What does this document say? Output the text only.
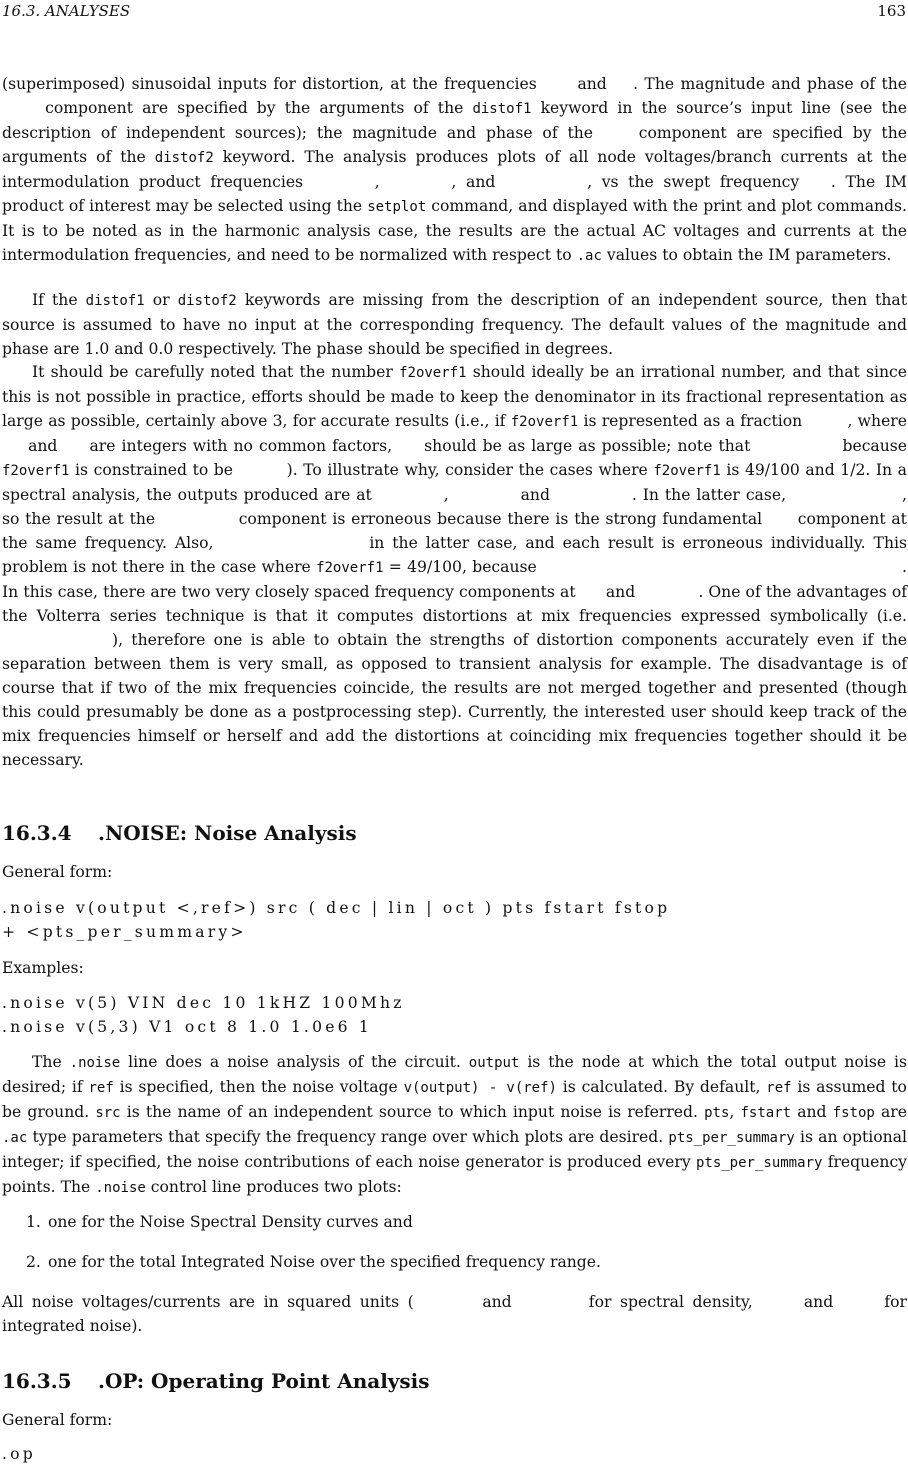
16.3. ANALYSES	163

(superimposed) sinusoidal inputs for distortion, at the frequencies	and . The magnitude and phase of the  component are specified by the arguments of the distof1 keyword in the source’s input line (see the description of independent sources); the magnitude and phase of the	component are specified by the arguments of the distof2 keyword. The analysis produces plots of all node voltages/branch currents at the intermodulation product frequencies	,	, and	, vs the swept frequency . The IM product of interest may be selected using the setplot command, and displayed with the print and plot commands. It is to be noted as in the harmonic analysis case, the results are the actual AC voltages and currents at the intermodulation frequencies, and need to be normalized with respect to .ac values to obtain the IM parameters.

If the distof1 or distof2 keywords are missing from the description of an independent source, then that source is assumed to have no input at the corresponding frequency. The default values of the magnitude and phase are 1.0 and 0.0 respectively. The phase should be specified in degrees.

It should be carefully noted that the number f2overf1 should ideally be an irrational number, and that since this is not possible in practice, efforts should be made to keep the denominator in its fractional representation as large as possible, certainly above 3, for accurate results (i.e., if f2overf1 is represented as a fraction	, where  and are integers with no common factors, should be as large as possible; note that	because f2overf1 is constrained to be	). To illustrate why, consider the cases where f2overf1 is 49/100 and 1/2. In a spectral analysis, the outputs produced are at	,	and	. In the latter case,	, so the result at the	component is erroneous because there is the strong fundamental component at the same frequency. Also,	in the latter case, and each result is erroneous individually. This problem is not there in the case where f2overf1 = 49/100, because	. In this case, there are two very closely spaced frequency components at and	. One of the advantages of the Volterra series technique is that it computes distortions at mix frequencies expressed symbolically (i.e. ), therefore one is able to obtain the strengths of distortion components accurately even if the separation between them is very small, as opposed to transient analysis for example. The disadvantage is of course that if two of the mix frequencies coincide, the results are not merged together and presented (though this could presumably be done as a postprocessing step). Currently, the interested user should keep track of the mix frequencies himself or herself and add the distortions at coinciding mix frequencies together should it be necessary.

16.3.4 .NOISE: Noise Analysis

General form:

.noise v(output <,ref>) src ( dec | lin | oct ) pts fstart fstop

+ <pts_per_summary>

Examples:

.noise v(5) VIN dec 10 1kHZ 100Mhz

.noise v(5,3) V1 oct 8 1.0 1.0e6 1

The .noise line does a noise analysis of the circuit. output is the node at which the total output noise is desired; if ref is specified, then the noise voltage v(output) - v(ref) is calculated. By default, ref is assumed to be ground. src is the name of an independent source to which input noise is referred. pts, fstart and fstop are .ac type parameters that specify the frequency range over which plots are desired. pts_per_summary is an optional integer; if specified, the noise contributions of each noise generator is produced every pts_per_summary frequency points. The .noise control line produces two plots:

1. one for the Noise Spectral Density curves and

2. one for the total Integrated Noise over the specified frequency range.

All noise voltages/currents are in squared units (	and	for spectral density,	and	for integrated noise).

16.3.5 .OP: Operating Point Analysis

General form:

.op
